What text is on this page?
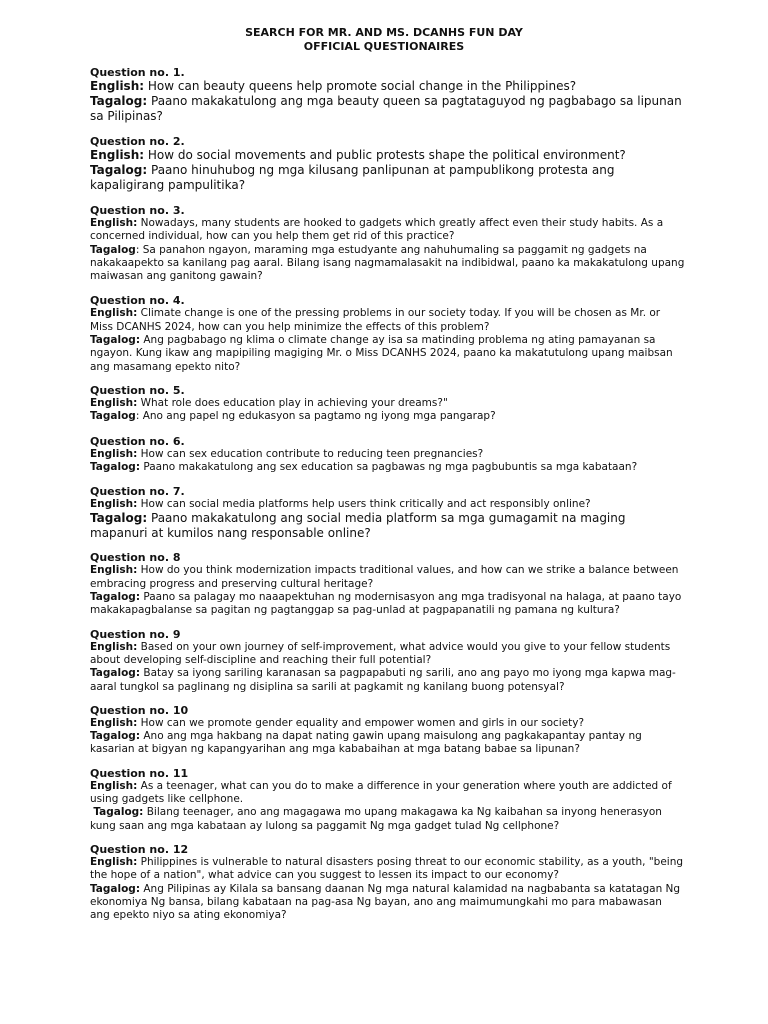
SEARCH FOR MR. AND MS. DCANHS FUN DAY
OFFICIAL QUESTIONAIRES
Question no. 1.
English: How can beauty queens help promote social change in the Philippines?
Tagalog: Paano makakatulong ang mga beauty queen sa pagtataguyod ng pagbabago sa lipunan sa Pilipinas?
Question no. 2.
English: How do social movements and public protests shape the political environment?
Tagalog: Paano hinuhubog ng mga kilusang panlipunan at pampublikong protesta ang kapaligirang pampulitika?
Question no. 3.
English: Nowadays, many students are hooked to gadgets which greatly affect even their study habits. As a concerned individual, how can you help them get rid of this practice?
Tagalog: Sa panahon ngayon, maraming mga estudyante ang nahuhumaling sa paggamit ng gadgets na nakakaapekto sa kanilang pag aaral. Bilang isang nagmamalasakit na indibidwal, paano ka makakatulong upang maiwasan ang ganitong gawain?
Question no. 4.
English: Climate change is one of the pressing problems in our society today. If you will be chosen as Mr. or Miss DCANHS 2024, how can you help minimize the effects of this problem?
Tagalog: Ang pagbabago ng klima o climate change ay isa sa matinding problema ng ating pamayanan sa ngayon. Kung ikaw ang mapipiling magiging Mr. o Miss DCANHS 2024, paano ka makatutulong upang maibsan ang masamang epekto nito?
Question no. 5.
English: What role does education play in achieving your dreams?"
Tagalog: Ano ang papel ng edukasyon sa pagtamo ng iyong mga pangarap?
Question no. 6.
English: How can sex education contribute to reducing teen pregnancies?
Tagalog: Paano makakatulong ang sex education sa pagbawas ng mga pagbubuntis sa mga kabataan?
Question no. 7.
English: How can social media platforms help users think critically and act responsibly online?
Tagalog: Paano makakatulong ang social media platform sa mga gumagamit na maging mapanuri at kumilos nang responsable online?
Question no. 8
English: How do you think modernization impacts traditional values, and how can we strike a balance between embracing progress and preserving cultural heritage?
Tagalog: Paano sa palagay mo naaapektuhan ng modernisasyon ang mga tradisyonal na halaga, at paano tayo makakapagbalanse sa pagitan ng pagtanggap sa pag-unlad at pagpapanatili ng pamana ng kultura?
Question no. 9
English: Based on your own journey of self-improvement, what advice would you give to your fellow students about developing self-discipline and reaching their full potential?
Tagalog: Batay sa iyong sariling karanasan sa pagpapabuti ng sarili, ano ang payo mo iyong mga kapwa mag-aaral tungkol sa paglinang ng disiplina sa sarili at pagkamit ng kanilang buong potensyal?
Question no. 10
English: How can we promote gender equality and empower women and girls in our society?
Tagalog: Ano ang mga hakbang na dapat nating gawin upang maisulong ang pagkakapantay pantay ng kasarian at bigyan ng kapangyarihan ang mga kababaihan at mga batang babae sa lipunan?
Question no. 11
English: As a teenager, what can you do to make a difference in your generation where youth are addicted of using gadgets like cellphone.
Tagalog: Bilang teenager, ano ang magagawa mo upang makagawa ka Ng kaibahan sa inyong henerasyon kung saan ang mga kabataan ay lulong sa paggamit Ng mga gadget tulad Ng cellphone?
Question no. 12
English: Philippines is vulnerable to natural disasters posing threat to our economic stability, as a youth, "being the hope of a nation", what advice can you suggest to lessen its impact to our economy?
Tagalog: Ang Pilipinas ay Kilala sa bansang daanan Ng mga natural kalamidad na nagbabanta sa katatagan Ng ekonomiya Ng bansa, bilang kabataan na pag-asa Ng bayan, ano ang maimumungkahi mo para mabawasan ang epekto niyo sa ating ekonomiya?
